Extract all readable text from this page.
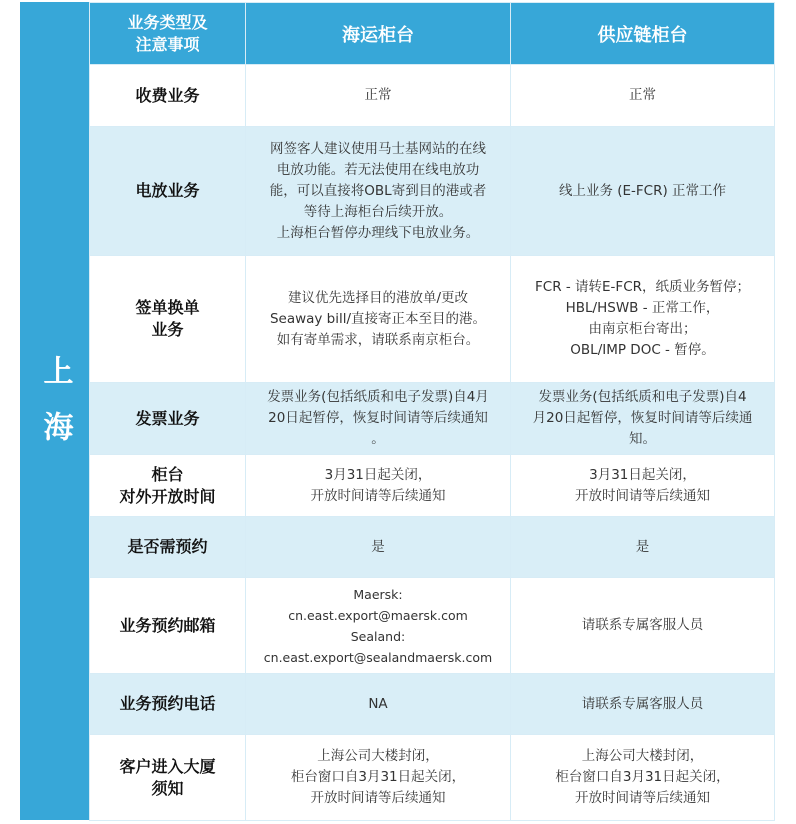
上海
业务类型及
注意事项	海运柜台	供应链柜台

收费业务	正常	正常

电放业务	网签客人建议使用马士基网站的在线
电放功能。若无法使用在线电放功
能，可以直接将OBL寄到目的港或者
等待上海柜台后续开放。
上海柜台暂停办理线下电放业务。	线上业务 (E-FCR) 正常工作

签单换单
业务	建议优先选择目的港放单/更改
Seaway bill/直接寄正本至目的港。
如有寄单需求，请联系南京柜台。	FCR - 请转E-FCR，纸质业务暂停；
HBL/HSWB - 正常工作，
由南京柜台寄出；
OBL/IMP DOC - 暂停。

发票业务	发票业务(包括纸质和电子发票)自4月
20日起暂停，恢复时间请等后续通知
。	发票业务(包括纸质和电子发票)自4
月20日起暂停，恢复时间请等后续通
知。

柜台
对外开放时间	3月31日起关闭，
开放时间请等后续通知	3月31日起关闭，
开放时间请等后续通知

是否需预约	是	是

业务预约邮箱	Maersk:
cn.east.export@maersk.com
Sealand:
cn.east.export@sealandmaersk.com	请联系专属客服人员

业务预约电话	NA	请联系专属客服人员

客户进入大厦
须知	上海公司大楼封闭，
柜台窗口自3月31日起关闭，
开放时间请等后续通知	上海公司大楼封闭，
柜台窗口自3月31日起关闭，
开放时间请等后续通知
